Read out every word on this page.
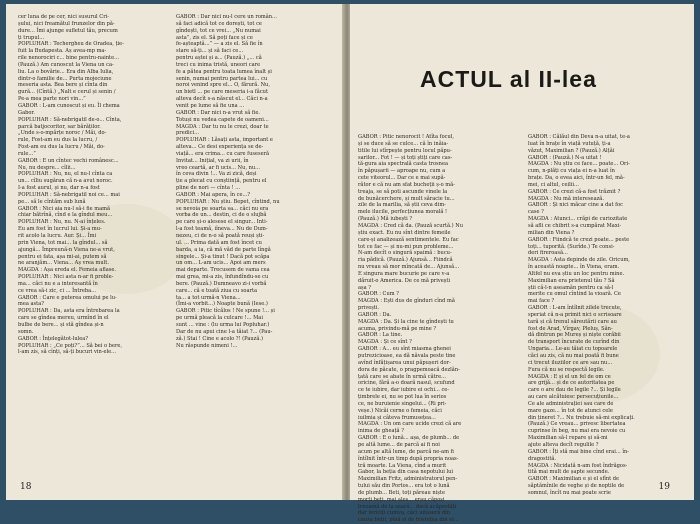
cer luna de pe cer, nici susurul Cri-

șului, nici freamătul frunzelor din pă-

dure... Îmi ajunge sufletul tău, precum

ți trupul...

POPLUHAR : Techergheu de Oradea, ție-

fuit la Budapesta. Aș avea-mp ma-

rile nenorociri c... bine pentru-nainte...

(Pauză.) Am cunoscut la Viena un ca-

liu. La o bovărie... Era din Alba Iulia,

dintr-o familie de... Purta mojeciune

meseria asta. Bea bere și cînta din

gură... (Cîntă.) „Nalt e cerul și senin /

Pe-a mea parte nori vin...”

GABOR : L-am cunoscut și eu. Îl chema

Gabor.

POPLUHAR : Să-nebrigatil de-o... Cînta,

parcă batjocoritor, sar bărăților.

„Unde s-o-mpărțe noroc / Măi, do-

rule, Fost-am eu dus la lucru, /

Fost-am eu dus la lucru / Măi, do-

rule...”

GABOR : E un cîntec vechi românesc...

Nu, nu despre... cîlii...

POPLUHAR : Nu, nu, el nu-l cînta ca

un... cîliu sugăran că n-a avut noroc.

I-a fost aurul, și nu, dar n-a fost

POPLUHAR : Să-nebrigatil noi ce... mai

pe... să le cîntăm sub lună

GABOR : Nici aia nu-l să-i fie mamă

chiar bătrînă, cînd e la gîndul meu...

POPLUHAR : Nu, nu. N-ai înțeles.

Eu am fost în lucrul lui. Și-a mu-

rit acolo la lucru. Aur. Și... Îmi

prin Viena, tot mai... la gîndul... să

ajungă... Împreună-n Viena ne-a vrut,

pentru ei fata, așa mi-ai, putem să

ne aranjăm... Viena... Aș vrea mult.

MAGDA : Așa ereda el. Femeia aflase.

POPLUHAR : Nici asta n-ar fi proble-

ma... căci nu e a interesantă în

ce vrea să-i zic, ci ... Întreba...

GABOR : Care e puterea omului pe lu-

mea asta?

POPLUHAR : Da, asta era întrebarea la

care se gîndea mereu, urmînd în el

bulbe de bere... și stă gîndea și-n

somn.

GABOR : Înțelegătot-lulea?

POPLUHAR : „Ce poți?”... Să bei o bere,

l-am zis, să cînți, să-ți bucuri vin-ele...

GABOR : Dar nici nu-l cere un român...

să faci adică tot ce dorești, tot ce

gîndești, tot ce vrei... „Nu numai

asta”, zis el. Să poți face și ce

fe-așteaptă...” — a zis el. Să fie în

stare să-ți... și să faci ce...

pentru aștei și a... (Pauză.) „... că

treci cu inima tristă, uneori care

fe a pătea pentru toata lumea înalt și

senin, numai pentru partea lui... cu

noroi venind spre el... O, fărură. Nu,

un bietl ... pe care meseria i-a făcut

alteva decît s-a născut el... Căci n-a

venit pe lume să fie una ...

GABOR : Dar nici n-a vrut să fie.

Totuși nu vedea capete de oameni...

MAGDA : Dar tu nu le crezi, doar te

predici...

POPLUHAR : Lăsați asta, important e

alteva... Ce desi experiența se de-

viață... era crima... cu care fuseseră

Invitat... Inițial, va zi urii, în

vreo ceartă, ar fi ucis... Nu, nu...

în ceva divin !... Va zi zică, deși

ție a plecat cu conștiință, pentru el

pline de nori — cînta ! ...

GABOR : Mai apera, în ce...?

POPLUHAR : Nu știu. Bepet, cîntind, nu

se nevoia pe soarta sa... căci nu era

vorba de un... destin, ci de o slujbă

pe care și-o alesese el singur... Inti-

l-a fost teamă, iîneva... Nu de Dum-

nezeu, ci de n-o să poată reuși ști-

ul. ... Prima dată am fost încet cu

barda, a ia, că mă văd de parte lîngă

singele... Și-a tinut ! Dacă pot scăpa

un om... L-am ucis... Apoi am mers

mai departe. Trecusem de vama cea

mai grea, mi-a zis, înfundîndu-se cu

bere. (Pauză.) Dumneavo zi-i vorbă

care... că e toată ziua cu soarta

ta... a tot urmă-n Viena...

(Îmi-a vorbit...) Noapte bună (Iese.)

GABOR : Pitic tîcălos ! Ne spune !... și

pe urmă pleacă la culcare !... Mai

sunt ... vine : (lu urma lui Popluhar.)

Dar de nu apui cine l-a tăiat ?... (Pau-

ză.) Stai ! Cine e acolo ?! (Pauză.)

Nu răspunde nimeni !...

18
ACTUL al II-lea

GABOR : Pitic nenorocit ! Atîta focul,

și se duce să se culce... că în inăia-

titile lui stîrpește pentru locul păpu-

sarilor... Fot ! — și toți știți care cas-

tă-gura aia spectrală casta trosnea

în păpușarii — aproape nu, cum a

cete viteorul... Dar ce e mai supă-

rător e că nu am sfat bucheții ș-o mă-

treaja, se să poti ascunde vinele la

de bunăcerchere, și mult săracie tu...

zile de la marilia, să știi ceva dim-

mele ilucile, perfecțiunea morală !

(Pauză.) Mă iubești ?

MAGDA : Cred că da. (Pauză scurtă.) Nu

știu exact. Eu nu sînt dintre femeile

care-și analizează sentimentele. Eu fac

tot ce fac — și nu-mi pun probleme...

N-am decît o singură spaimă : bucu-

ria pădică. (Pauză.) Ajunsă... Fiindcă

nu vreau să mor mîncată de... Ajunsă...

E singura mare bucurie pe care v-a

dăruit-o America. De ce mă privești

așa ?

GABOR : Cum ?

MAGDA : Ești dus de gînduri cînd mă

privești.

GABOR : Da.

MAGDA : Da. Și la cine te gîndești tu

acuma, privindu-mă pe mine ?

GABOR : La tine.

MAGDA : Și ce sînt ?

GABOR : A... eu sînt miasma ghenei

putrezicioase, ea dă năvala peste tine

avînd înfățișarea unui păpușeri dor-

dora de păcate, o pragpemoacă dezlăn-

țată care se abate în urmă către...

oricine, fără a-o doară nasul, scufund

ce te iubire, dar iubire ei ochi... ce-

țimbrele ei, nu se pot lua în serios

ce, ne buruienie singelui... (Ri pri-

veșe.) Nicăi cerne o femeia, căci

iuilmia și câteva frumusețea...

MAGDA : Un om care ucide crezi că are

inima de gheață ?

GABOR : E o lună... așa, de plumb... de

pe altă lume... de parcă ai fi noi

acum pe altă lume, de parcă ne-am fi

întîlnit într-un timp după propria noas-

tră moarte. La Viena, cînd a murit

Gabor, la beția din casa nepotului lui

Maximilian Fritz, administratorul pen-

tului său din Portos... era tot o lună

de plumb... Beti, toți păreau niște

morți beți, mai ales... erau căpoși

treoamă de la seară... dacă acăpostăți

dar fericiți cumva, căci uitaseră din

cauza beții, pînă și de tristețea din ei...

GABOR : Călăul din Deva n-a uitat, te-a

luat în brațe în viață vutuță, ți-a

văzut, Maximilian ? (Pauză.) Alțăi

GABOR : (Pauză.) N-a uitat !

MAGDA : Nu știu ce face... poate... Ori-

cum, n-plăți cu viața ei n-a luat în

brațe. Da, o evea aici, într-un fel, mă-

mei, ci altul, ceilii...

GABOR : Ce crezi că-a fost trăznit ?

MAGDA : Nu mă interesează.

GABOR : Și nici măcar cine a dat foc

case ?

MAGDA : Atunci... crăpi de curiozitate

să afli ce chibrit s-a cumpărat Maxi-

milian din Viena ?

GABOR : Fiindcă te crezi poate... peste

toți... tuporită. (Surîde.) Te consi-

deri fireroasă...

MAGDA : Asta depinde de zile. Oricum,

în această noapte... în Viena, eram.

Altfel nu eva știu un loc pentru mine.

Maximilian era prietenul tău ? Să

știi că-l-n aseamăn pentru ca să-l

merite cu omul cîntind la vioară. Ce

mai face ?

GABOR : L-am întîlnit zilele trecute,

speriat că n-a primit nici o scrisoare

tară și că trenul săreutării care au

fost de Arad, Vîrgav, Pleluș, Săn-

dă dintrun pe Mureș și niște corăbii

de transport încurate de curînd din

Ungaria... Le-au tăiat cu topoarele

căci au zis, că nu mai poată fi bune

ci trecut iluziilor ce are sau nu...

Fura că nu se respectă legile.

MAGDA : E și el un fel de om ce

are grijă... și de ce autoritatea pe

care o are dau de legile ?... Și legile

au care alcătuiesc persecuțiunile...

Ce ale administrației sau care de

mare gaze... în tot de atunci cele

din țineret ?... Nu trebuie să-mi explicați.

(Pauză.) Ce vreau... privesc libertatea

cuprinse în beg, nu mai era nevoie cu

Maximilian să-l repare și să-mi

ajute alteva decît regulile ?

GABOR : Îți stă mai bine cînd erai... în-

dragostită.

MAGDA : Nicidată n-am fost îndrăgos-

tită mai mult de șapte secunde.

GABOR : Maximilian e și el sfînt de

săptămînile de veghe și de noptile de

somnul, încît nu mai poate scrie

19
